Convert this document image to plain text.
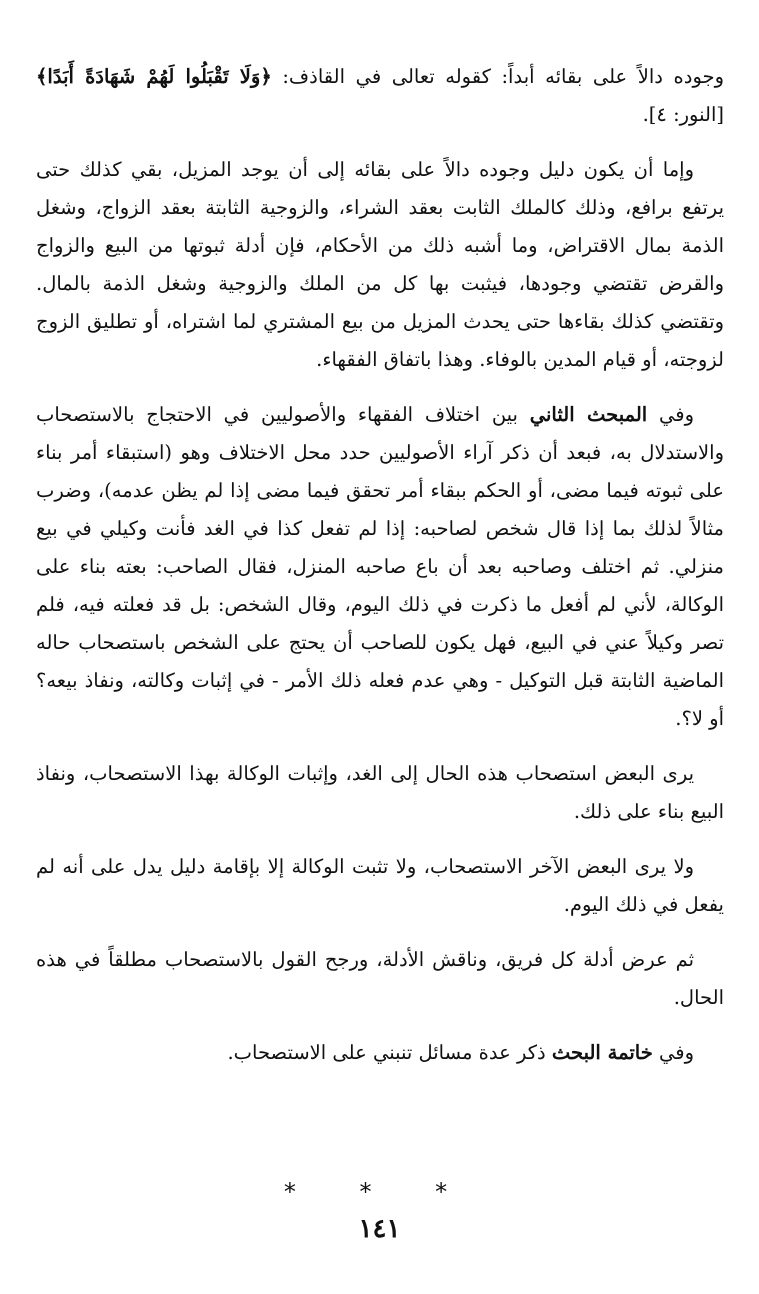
وجوده دالاً على بقائه أبداً: كقوله تعالى في القاذف: ﴿وَلَا تَقْبَلُوا لَهُمْ شَهَادَةً أَبَدًا﴾ [النور: ٤].

وإما أن يكون دليل وجوده دالاً على بقائه إلى أن يوجد المزيل، بقي كذلك حتى يرتفع برافع، وذلك كالملك الثابت بعقد الشراء، والزوجية الثابتة بعقد الزواج، وشغل الذمة بمال الاقتراض، وما أشبه ذلك من الأحكام، فإن أدلة ثبوتها من البيع والزواج والقرض تقتضي وجودها، فيثبت بها كل من الملك والزوجية وشغل الذمة بالمال. وتقتضي كذلك بقاءها حتى يحدث المزيل من بيع المشتري لما اشتراه، أو تطليق الزوج لزوجته، أو قيام المدين بالوفاء. وهذا باتفاق الفقهاء.

وفي المبحث الثاني بين اختلاف الفقهاء والأصوليين في الاحتجاج بالاستصحاب والاستدلال به، فبعد أن ذكر آراء الأصوليين حدد محل الاختلاف وهو (استبقاء أمر بناء على ثبوته فيما مضى، أو الحكم ببقاء أمر تحقق فيما مضى إذا لم يظن عدمه)، وضرب مثالاً لذلك بما إذا قال شخص لصاحبه: إذا لم تفعل كذا في الغد فأنت وكيلي في بيع منزلي. ثم اختلف وصاحبه بعد أن باع صاحبه المنزل، فقال الصاحب: بعته بناء على الوكالة، لأني لم أفعل ما ذكرت في ذلك اليوم، وقال الشخص: بل قد فعلته فيه، فلم تصر وكيلاً عني في البيع، فهل يكون للصاحب أن يحتج على الشخص باستصحاب حاله الماضية الثابتة قبل التوكيل - وهي عدم فعله ذلك الأمر - في إثبات وكالته، ونفاذ بيعه؟ أو لا؟.

يرى البعض استصحاب هذه الحال إلى الغد، وإثبات الوكالة بهذا الاستصحاب، ونفاذ البيع بناء على ذلك.

ولا يرى البعض الآخر الاستصحاب، ولا تثبت الوكالة إلا بإقامة دليل يدل على أنه لم يفعل في ذلك اليوم.

ثم عرض أدلة كل فريق، وناقش الأدلة، ورجح القول بالاستصحاب مطلقاً في هذه الحال.

وفي خاتمة البحث ذكر عدة مسائل تنبني على الاستصحاب.

* * *
١٤١
